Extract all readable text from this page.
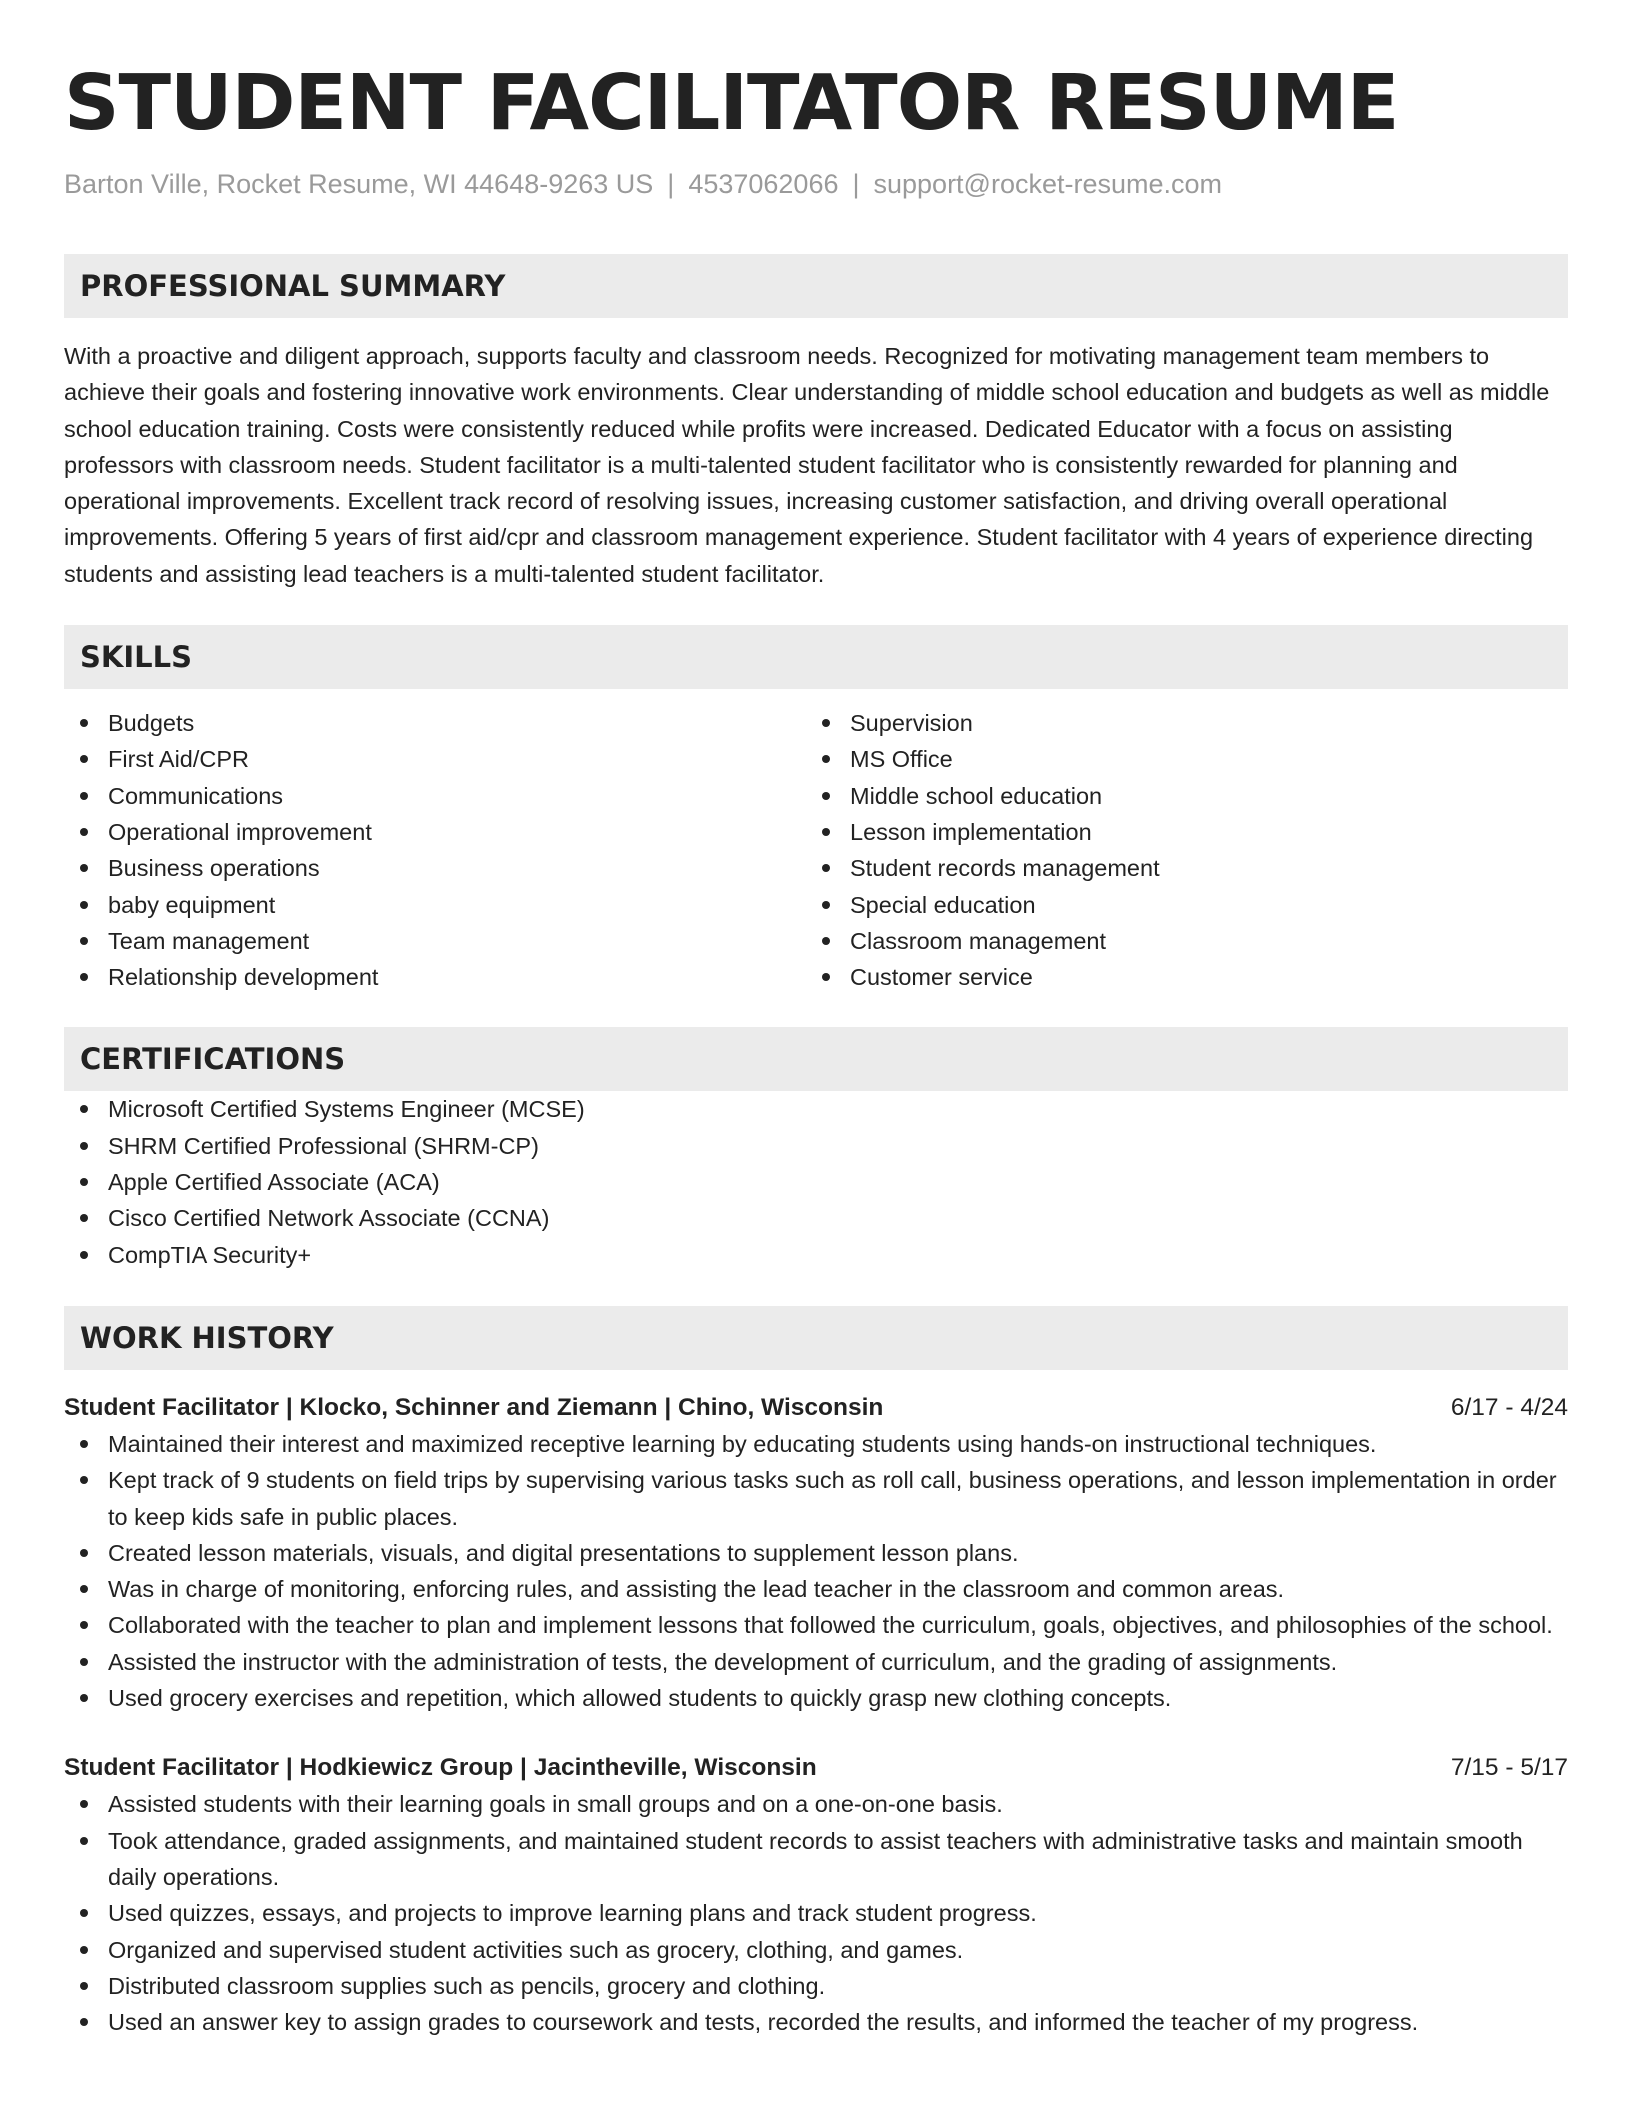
STUDENT FACILITATOR RESUME
Barton Ville, Rocket Resume, WI 44648-9263 US | 4537062066 | support@rocket-resume.com
PROFESSIONAL SUMMARY

With a proactive and diligent approach, supports faculty and classroom needs. Recognized for motivating management team members to achieve their goals and fostering innovative work environments. Clear understanding of middle school education and budgets as well as middle school education training. Costs were consistently reduced while profits were increased. Dedicated Educator with a focus on assisting professors with classroom needs. Student facilitator is a multi-talented student facilitator who is consistently rewarded for planning and operational improvements. Excellent track record of resolving issues, increasing customer satisfaction, and driving overall operational improvements. Offering 5 years of first aid/cpr and classroom management experience. Student facilitator with 4 years of experience directing students and assisting lead teachers is a multi-talented student facilitator.

SKILLS
Budgets
First Aid/CPR
Communications
Operational improvement
Business operations
baby equipment
Team management
Relationship development
Supervision
MS Office
Middle school education
Lesson implementation
Student records management
Special education
Classroom management
Customer service
CERTIFICATIONS
Microsoft Certified Systems Engineer (MCSE)
SHRM Certified Professional (SHRM-CP)
Apple Certified Associate (ACA)
Cisco Certified Network Associate (CCNA)
CompTIA Security+
WORK HISTORY
Student Facilitator | Klocko, Schinner and Ziemann | Chino, Wisconsin	6/17 - 4/24
Maintained their interest and maximized receptive learning by educating students using hands-on instructional techniques.
Kept track of 9 students on field trips by supervising various tasks such as roll call, business operations, and lesson implementation in order to keep kids safe in public places.
Created lesson materials, visuals, and digital presentations to supplement lesson plans.
Was in charge of monitoring, enforcing rules, and assisting the lead teacher in the classroom and common areas.
Collaborated with the teacher to plan and implement lessons that followed the curriculum, goals, objectives, and philosophies of the school.
Assisted the instructor with the administration of tests, the development of curriculum, and the grading of assignments.
Used grocery exercises and repetition, which allowed students to quickly grasp new clothing concepts.
Student Facilitator | Hodkiewicz Group | Jacintheville, Wisconsin	7/15 - 5/17
Assisted students with their learning goals in small groups and on a one-on-one basis.
Took attendance, graded assignments, and maintained student records to assist teachers with administrative tasks and maintain smooth daily operations.
Used quizzes, essays, and projects to improve learning plans and track student progress.
Organized and supervised student activities such as grocery, clothing, and games.
Distributed classroom supplies such as pencils, grocery and clothing.
Used an answer key to assign grades to coursework and tests, recorded the results, and informed the teacher of my progress.
